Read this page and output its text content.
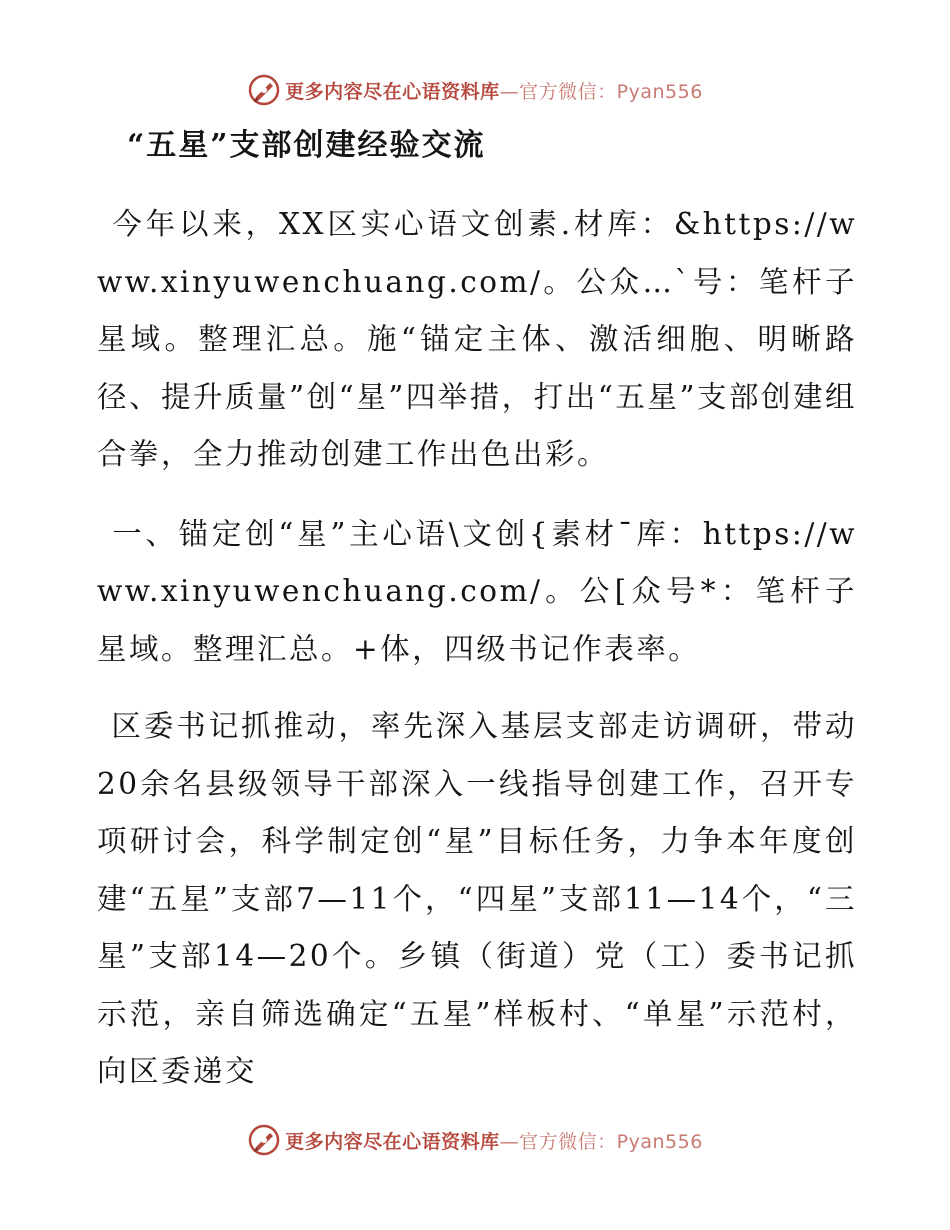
更多内容尽在心语资料库—官方微信：Pyan556
“五星”支部创建经验交流

今年以来，XX区实心语文创素.材库：&https://www.xinyuwenchuang.com/。公众…`号：笔杆子星域。整理汇总。施“锚定主体、激活细胞、明晰路径、提升质量”创“星”四举措，打出“五星”支部创建组合拳，全力推动创建工作出色出彩。

一、锚定创“星”主心语\文创{素材¯库：https://www.xinyuwenchuang.com/。公[众号*：笔杆子星域。整理汇总。+体，四级书记作表率。

区委书记抓推动，率先深入基层支部走访调研，带动20余名县级领导干部深入一线指导创建工作，召开专项研讨会，科学制定创“星”目标任务，力争本年度创建“五星”支部7—11个，“四星”支部11—14个，“三星”支部14—20个。乡镇（街道）党（工）委书记抓示范，亲自筛选确定“五星”样板村、“单星”示范村，向区委递交

更多内容尽在心语资料库—官方微信：Pyan556
